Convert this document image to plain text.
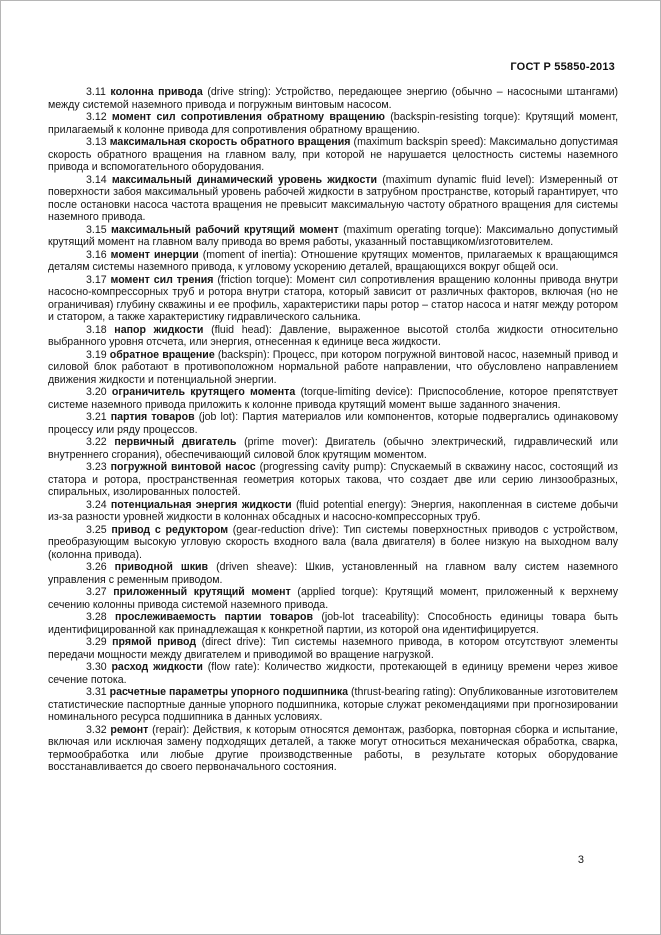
ГОСТ Р 55850-2013

3.11 колонна привода (drive string): Устройство, передающее энергию (обычно – насосными штангами) между системой наземного привода и погружным винтовым насосом.

3.12 момент сил сопротивления обратному вращению (backspin-resisting torque): Крутящий момент, прилагаемый к колонне привода для сопротивления обратному вращению.

3.13 максимальная скорость обратного вращения (maximum backspin speed): Максимально допустимая скорость обратного вращения на главном валу, при которой не нарушается целостность системы наземного привода и вспомогательного оборудования.

3.14 максимальный динамический уровень жидкости (maximum dynamic fluid level): Измеренный от поверхности забоя максимальный уровень рабочей жидкости в затрубном пространстве, который гарантирует, что после остановки насоса частота вращения не превысит максимальную частоту обратного вращения для системы наземного привода.

3.15 максимальный рабочий крутящий момент (maximum operating torque): Максимально допустимый крутящий момент на главном валу привода во время работы, указанный поставщиком/изготовителем.

3.16 момент инерции (moment of inertia): Отношение крутящих моментов, прилагаемых к вращающимся деталям системы наземного привода, к угловому ускорению деталей, вращающихся вокруг общей оси.

3.17 момент сил трения (friction torque): Момент сил сопротивления вращению колонны привода внутри насосно-компрессорных труб и ротора внутри статора, который зависит от различных факторов, включая (но не ограничивая) глубину скважины и ее профиль, характеристики пары ротор – статор насоса и натяг между ротором и статором, а также характеристику гидравлического сальника.

3.18 напор жидкости (fluid head): Давление, выраженное высотой столба жидкости относительно выбранного уровня отсчета, или энергия, отнесенная к единице веса жидкости.

3.19 обратное вращение (backspin): Процесс, при котором погружной винтовой насос, наземный привод и силовой блок работают в противоположном нормальной работе направлении, что обусловлено направлением движения жидкости и потенциальной энергии.

3.20 ограничитель крутящего момента (torque-limiting device): Приспособление, которое препятствует системе наземного привода приложить к колонне привода крутящий момент выше заданного значения.

3.21 партия товаров (job lot): Партия материалов или компонентов, которые подвергались одинаковому процессу или ряду процессов.

3.22 первичный двигатель (prime mover): Двигатель (обычно электрический, гидравлический или внутреннего сгорания), обеспечивающий силовой блок крутящим моментом.

3.23 погружной винтовой насос (progressing cavity pump): Спускаемый в скважину насос, состоящий из статора и ротора, пространственная геометрия которых такова, что создает две или серию линзообразных, спиральных, изолированных полостей.

3.24 потенциальная энергия жидкости (fluid potential energy): Энергия, накопленная в системе добычи из-за разности уровней жидкости в колоннах обсадных и насосно-компрессорных труб.

3.25 привод с редуктором (gear-reduction drive): Тип системы поверхностных приводов с устройством, преобразующим высокую угловую скорость входного вала (вала двигателя) в более низкую на выходном валу (колонна привода).

3.26 приводной шкив (driven sheave): Шкив, установленный на главном валу систем наземного управления с ременным приводом.

3.27 приложенный крутящий момент (applied torque): Крутящий момент, приложенный к верхнему сечению колонны привода системой наземного привода.

3.28 прослеживаемость партии товаров (job-lot traceability): Способность единицы товара быть идентифицированной как принадлежащая к конкретной партии, из которой она идентифицируется.

3.29 прямой привод (direct drive): Тип системы наземного привода, в котором отсутствуют элементы передачи мощности между двигателем и приводимой во вращение нагрузкой.

3.30 расход жидкости (flow rate): Количество жидкости, протекающей в единицу времени через живое сечение потока.

3.31 расчетные параметры упорного подшипника (thrust-bearing rating): Опубликованные изготовителем статистические паспортные данные упорного подшипника, которые служат рекомендациями при прогнозировании номинального ресурса подшипника в данных условиях.

3.32 ремонт (repair): Действия, к которым относятся демонтаж, разборка, повторная сборка и испытание, включая или исключая замену подходящих деталей, а также могут относиться механическая обработка, сварка, термообработка или любые другие производственные работы, в результате которых оборудование восстанавливается до своего первоначального состояния.

3
